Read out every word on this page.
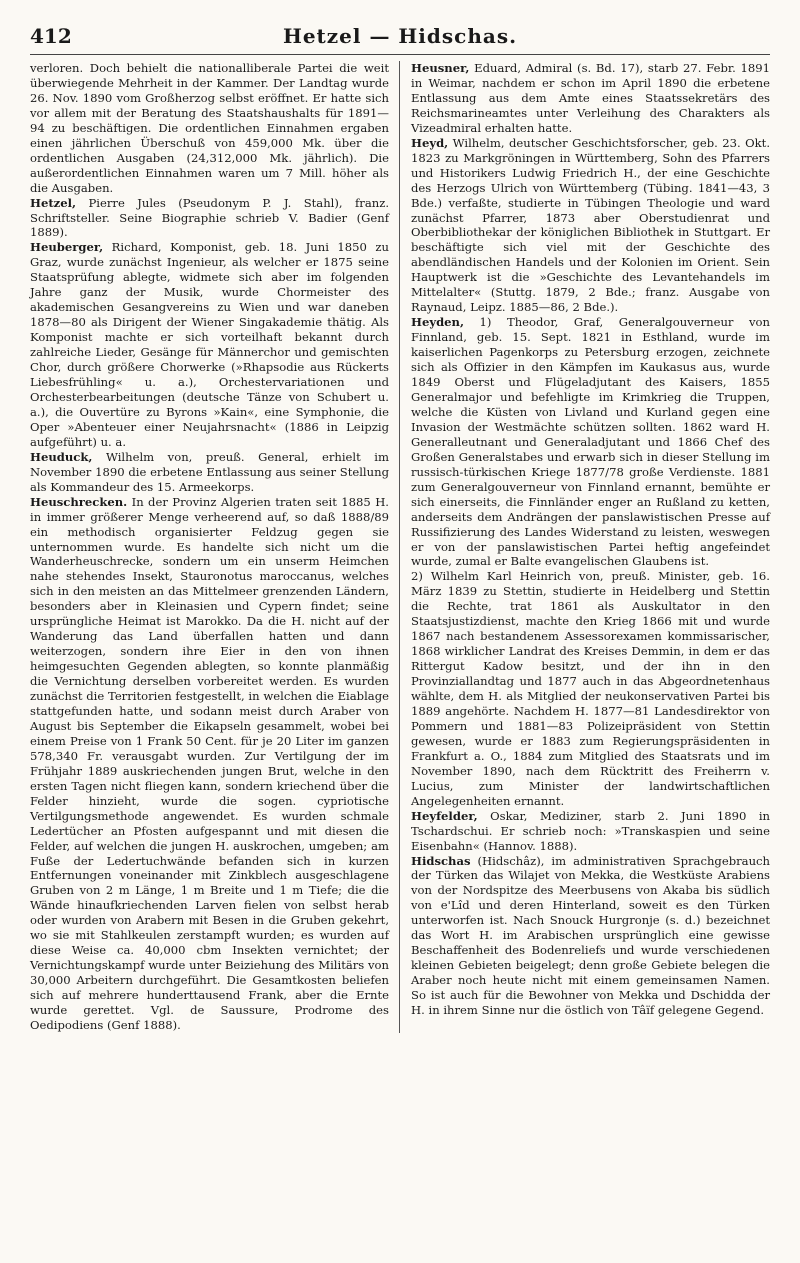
412	Hetzel — Hidschas.

verloren. Doch behielt die nationalliberale Partei die weit überwiegende Mehrheit in der Kammer. Der Landtag wurde 26. Nov. 1890 vom Großherzog selbst eröffnet. Er hatte sich vor allem mit der Beratung des Staatshaushalts für 1891—94 zu beschäftigen. Die ordentlichen Einnahmen ergaben einen jährlichen Überschuß von 459,000 Mk. über die ordentlichen Ausgaben (24,312,000 Mk. jährlich). Die außerordentlichen Einnahmen waren um 7 Mill. höher als die Ausgaben.

Hetzel, Pierre Jules (Pseudonym P. J. Stahl), franz. Schriftsteller. Seine Biographie schrieb V. Badier (Genf 1889).

Heuberger, Richard, Komponist, geb. 18. Juni 1850 zu Graz, wurde zunächst Ingenieur, als welcher er 1875 seine Staatsprüfung ablegte, widmete sich aber im folgenden Jahre ganz der Musik, wurde Chormeister des akademischen Gesangvereins zu Wien und war daneben 1878—80 als Dirigent der Wiener Singakademie thätig. Als Komponist machte er sich vorteilhaft bekannt durch zahlreiche Lieder, Gesänge für Männerchor und gemischten Chor, durch größere Chorwerke (»Rhapsodie aus Rückerts Liebesfrühling« u. a.), Orchestervariationen und Orchesterbearbeitungen (deutsche Tänze von Schubert u. a.), die Ouvertüre zu Byrons »Kain«, eine Symphonie, die Oper »Abenteuer einer Neujahrsnacht« (1886 in Leipzig aufgeführt) u. a.

Heuduck, Wilhelm von, preuß. General, erhielt im November 1890 die erbetene Entlassung aus seiner Stellung als Kommandeur des 15. Armeekorps.

Heuschrecken. In der Provinz Algerien traten seit 1885 H. in immer größerer Menge verheerend auf, so daß 1888/89 ein methodisch organisierter Feldzug gegen sie unternommen wurde. Es handelte sich nicht um die Wanderheuschrecke, sondern um ein unserm Heimchen nahe stehendes Insekt, Stauronotus maroccanus, welches sich in den meisten an das Mittelmeer grenzenden Ländern, besonders aber in Kleinasien und Cypern findet; seine ursprüngliche Heimat ist Marokko. Da die H. nicht auf der Wanderung das Land überfallen hatten und dann weiterzogen, sondern ihre Eier in den von ihnen heimgesuchten Gegenden ablegten, so konnte planmäßig die Vernichtung derselben vorbereitet werden. Es wurden zunächst die Territorien festgestellt, in welchen die Eiablage stattgefunden hatte, und sodann meist durch Araber von August bis September die Eikapseln gesammelt, wobei bei einem Preise von 1 Frank 50 Cent. für je 20 Liter im ganzen 578,340 Fr. verausgabt wurden. Zur Vertilgung der im Frühjahr 1889 auskriechenden jungen Brut, welche in den ersten Tagen nicht fliegen kann, sondern kriechend über die Felder hinzieht, wurde die sogen. cypriotische Vertilgungsmethode angewendet. Es wurden schmale Ledertücher an Pfosten aufgespannt und mit diesen die Felder, auf welchen die jungen H. auskrochen, umgeben; am Fuße der Ledertuchwände befanden sich in kurzen Entfernungen voneinander mit Zinkblech ausgeschlagene Gruben von 2 m Länge, 1 m Breite und 1 m Tiefe; die die Wände hinaufkriechenden Larven fielen von selbst herab oder wurden von Arabern mit Besen in die Gruben gekehrt, wo sie mit Stahlkeulen zerstampft wurden; es wurden auf diese Weise ca. 40,000 cbm Insekten vernichtet; der Vernichtungskampf wurde unter Beiziehung des Militärs von 30,000 Arbeitern durchgeführt. Die Gesamtkosten beliefen sich auf mehrere hunderttausend Frank, aber die Ernte wurde gerettet. Vgl. de Saussure, Prodrome des Oedipodiens (Genf 1888).

Heusner, Eduard, Admiral (s. Bd. 17), starb 27. Febr. 1891 in Weimar, nachdem er schon im April 1890 die erbetene Entlassung aus dem Amte eines Staatssekretärs des Reichsmarineamtes unter Verleihung des Charakters als Vizeadmiral erhalten hatte.

Heyd, Wilhelm, deutscher Geschichtsforscher, geb. 23. Okt. 1823 zu Markgröningen in Württemberg, Sohn des Pfarrers und Historikers Ludwig Friedrich H., der eine Geschichte des Herzogs Ulrich von Württemberg (Tübing. 1841—43, 3 Bde.) verfaßte, studierte in Tübingen Theologie und ward zunächst Pfarrer, 1873 aber Oberstudienrat und Oberbibliothekar der königlichen Bibliothek in Stuttgart. Er beschäftigte sich viel mit der Geschichte des abendländischen Handels und der Kolonien im Orient. Sein Hauptwerk ist die »Geschichte des Levantehandels im Mittelalter« (Stuttg. 1879, 2 Bde.; franz. Ausgabe von Raynaud, Leipz. 1885—86, 2 Bde.).

Heyden, 1) Theodor, Graf, Generalgouverneur von Finnland, geb. 15. Sept. 1821 in Esthland, wurde im kaiserlichen Pagenkorps zu Petersburg erzogen, zeichnete sich als Offizier in den Kämpfen im Kaukasus aus, wurde 1849 Oberst und Flügeladjutant des Kaisers, 1855 Generalmajor und befehligte im Krimkrieg die Truppen, welche die Küsten von Livland und Kurland gegen eine Invasion der Westmächte schützen sollten. 1862 ward H. Generalleutnant und Generaladjutant und 1866 Chef des Großen Generalstabes und erwarb sich in dieser Stellung im russisch-türkischen Kriege 1877/78 große Verdienste. 1881 zum Generalgouverneur von Finnland ernannt, bemühte er sich einerseits, die Finnländer enger an Rußland zu ketten, anderseits dem Andrängen der panslawistischen Presse auf Russifizierung des Landes Widerstand zu leisten, weswegen er von der panslawistischen Partei heftig angefeindet wurde, zumal er Balte evangelischen Glaubens ist.

2) Wilhelm Karl Heinrich von, preuß. Minister, geb. 16. März 1839 zu Stettin, studierte in Heidelberg und Stettin die Rechte, trat 1861 als Auskultator in den Staatsjustizdienst, machte den Krieg 1866 mit und wurde 1867 nach bestandenem Assessorexamen kommissarischer, 1868 wirklicher Landrat des Kreises Demmin, in dem er das Rittergut Kadow besitzt, und der ihn in den Provinziallandtag und 1877 auch in das Abgeordnetenhaus wählte, dem H. als Mitglied der neukonservativen Partei bis 1889 angehörte. Nachdem H. 1877—81 Landesdirektor von Pommern und 1881—83 Polizeipräsident von Stettin gewesen, wurde er 1883 zum Regierungspräsidenten in Frankfurt a. O., 1884 zum Mitglied des Staatsrats und im November 1890, nach dem Rücktritt des Freiherrn v. Lucius, zum Minister der landwirtschaftlichen Angelegenheiten ernannt.

Heyfelder, Oskar, Mediziner, starb 2. Juni 1890 in Tschardschui. Er schrieb noch: »Transkaspien und seine Eisenbahn« (Hannov. 1888).

Hidschas (Hidschâz), im administrativen Sprachgebrauch der Türken das Wilajet von Mekka, die Westküste Arabiens von der Nordspitze des Meerbusens von Akaba bis südlich von e'Lîd und deren Hinterland, soweit es den Türken unterworfen ist. Nach Snouck Hurgronje (s. d.) bezeichnet das Wort H. im Arabischen ursprünglich eine gewisse Beschaffenheit des Bodenreliefs und wurde verschiedenen kleinen Gebieten beigelegt; denn große Gebiete belegen die Araber noch heute nicht mit einem gemeinsamen Namen. So ist auch für die Bewohner von Mekka und Dschidda der H. in ihrem Sinne nur die östlich von Tâïf gelegene Gegend.
